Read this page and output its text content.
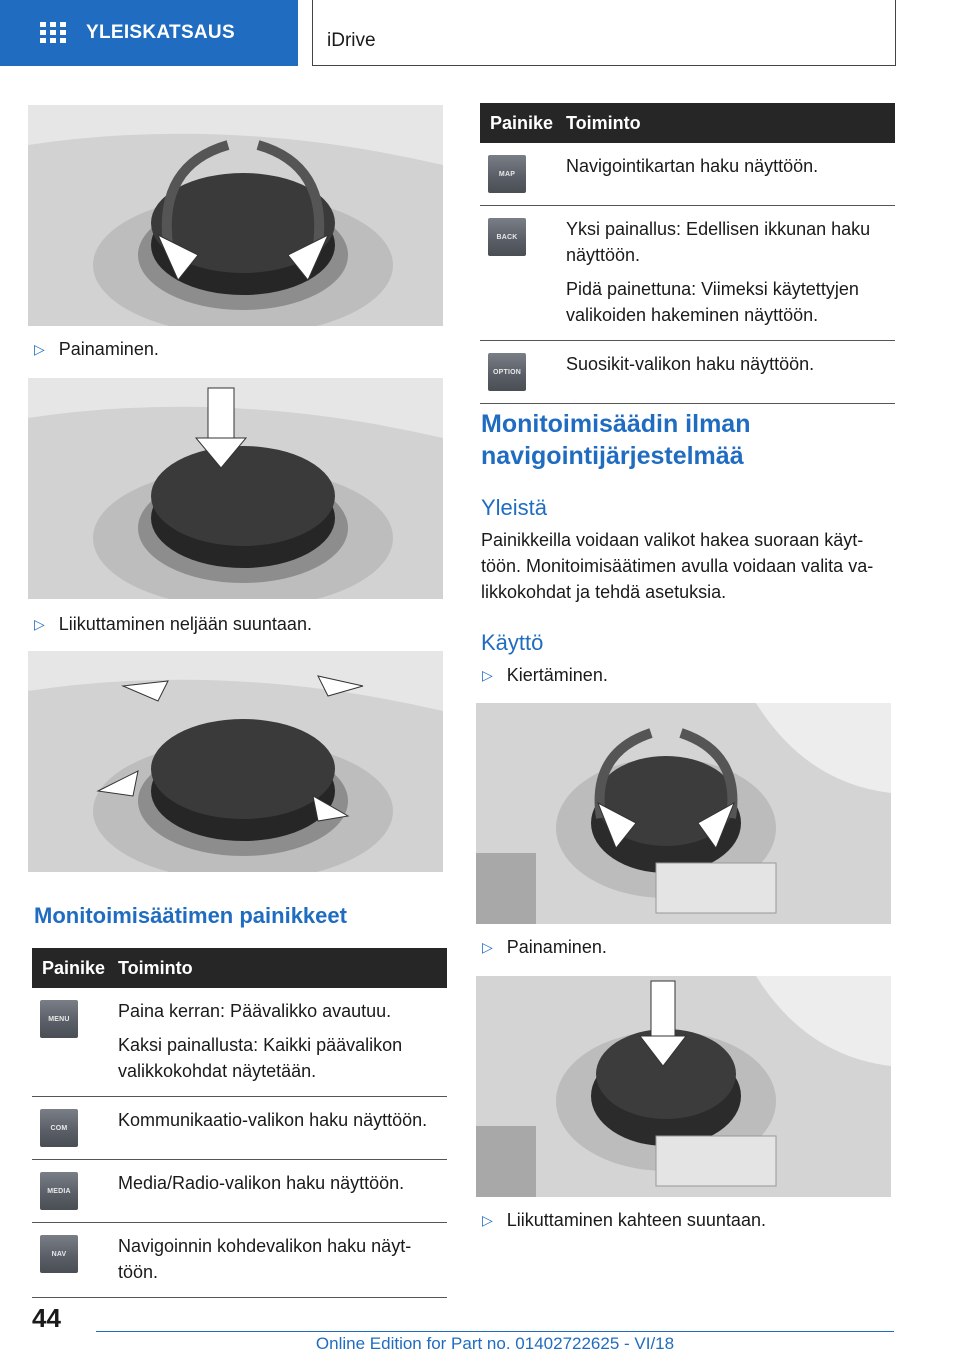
YLEISKATSAUS	iDrive
▷ Painaminen.
▷ Liikuttaminen neljään suuntaan.
Monitoimisäätimen painikkeet
Painike Toiminto
MENU	Paina kerran: Päävalikko avautuu.

Kaksi painallusta: Kaikki päävalikon valikkokohdat näytetään.

COM	Kommunikaatio-valikon haku näyttöön.

MEDIA	Media/Radio-valikon haku näyttöön.

NAV	Navigoinnin kohdevalikon haku näyttöön.

Painike Toiminto
MAP	Navigointikartan haku näyttöön.

BACK	Yksi painallus: Edellisen ikkunan haku näyttöön.

Pidä painettuna: Viimeksi käytettyjen valikoiden hakeminen näyttöön.

OPTION Suosikit-valikon haku näyttöön.

Monitoimisäädin ilman navigointijärjestelmää
Yleistä
Painikkeilla voidaan valikot hakea suoraan käyttöön. Monitoimisäätimen avulla voidaan valita valikkokohdat ja tehdä asetuksia.
Käyttö
▷ Kiertäminen.
▷ Painaminen.
▷ Liikuttaminen kahteen suuntaan.
44
Online Edition for Part no. 01402722625 - VI/18
